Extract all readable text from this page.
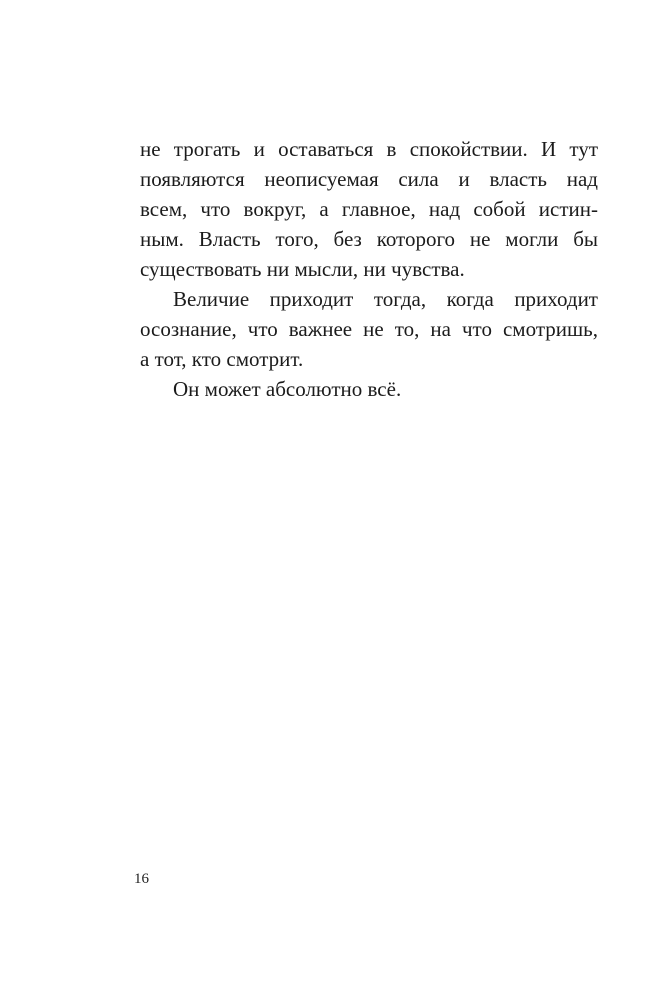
не трогать и оставаться в спокойствии. И тут
появляются неописуемая сила и власть над
всем, что вокруг, а главное, над собой истин-
ным. Власть того, без которого не могли бы
существовать ни мысли, ни чувства.
Величие приходит тогда, когда приходит
осознание, что важнее не то, на что смотришь,
а тот, кто смотрит.
Он может абсолютно всё.
16
